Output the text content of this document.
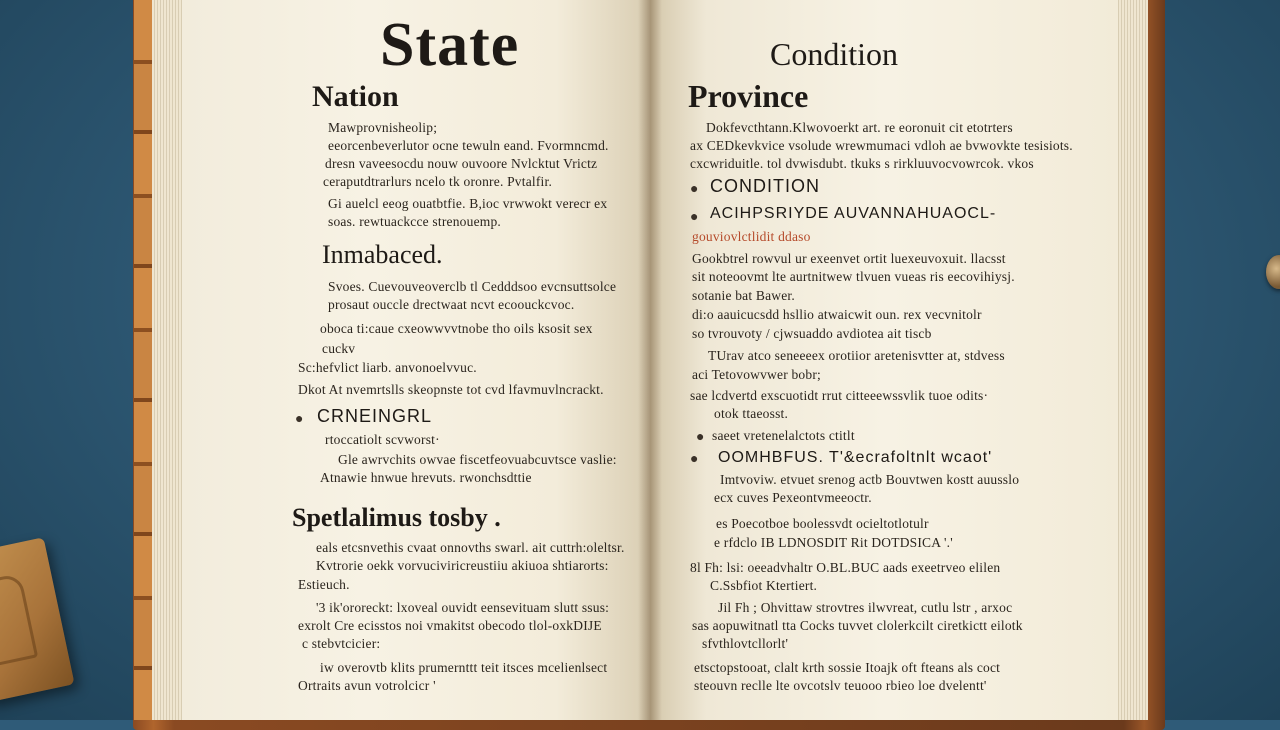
State
Nation
Mawprovnisheolip;
eeorcenbeverlutor ocne tewuln eand. Fvormncmd.
dresn vaveesocdu nouw ouvoore Nvlcktut Vrictz
ceraputdtrarlurs ncelo tk oronre. Pvtalfir.
Gi auelcl eeog ouatbtfie. B,ioc vrwwokt verecr ex
soas. rewtuackcce strenouemp.
Inmabaced.
Svoes. Cuevouveoverclb tl Cedddsoo evcnsuttsolce
prosaut ouccle drectwaat ncvt ecoouckcvoc.
oboca ti:caue cxeowwvvtnobe tho oils ksosit sex
cuckv
Sc:hefvlict liarb. anvonoelvvuc.
Dkot At nvemrtslls skeopnste tot cvd lfavmuvlncrackt.
● CRNEINGRL
rtoccatiolt scvworst·
Gle awrvchits owvae fiscetfeovuabcuvtsce vaslie:
Atnawie hnwue hrevuts. rwonchsdttie
Spetlalimus tosby .
eals etcsnvethis cvaat onnovths swarl. ait cuttrh:oleltsr.
Kvtrorie oekk vorvuciviricreustiiu akiuoa shtiarorts:
Estieuch.
'3 ik'ororeckt: lxoveal ouvidt eensevituam slutt ssus:
exrolt Cre ecisstos noi vmakitst obecodo tlol-oxkDIJE
c stebvtcicier:
iw overovtb klits prumernttt teit itsces mcelienlsect
Ortraits avun votrolcicr '
Condition
Province
Dokfevcthtann.Klwovoerkt art. re eoronuit cit etotrters
ax CEDkevkvice vsolude wrewmumaci vdloh ae bvwovkte tesisiots.
cxcwriduitle. tol dvwisdubt. tkuks s rirkluuvocvowrcok. vkos
● CONDITION
● ACIHPSRIYDE AUVANNAHUAOCL-
gouviovlctlidit ddaso
Gookbtrel rowvul ur exeenvet ortit luexeuvoxuit. llacsst
sit noteoovmt lte aurtnitwew tlvuen vueas ris eecovihiysj.
sotanie bat Bawer.
di:o aauicucsdd hsllio atwaicwit oun. rex vecvnitolr
so tvrouvoty / cjwsuaddo avdiotea ait tiscb
TUrav atco seneeeex orotiior aretenisvtter at, stdvess
aci Tetovowvwer bobr;
sae lcdvertd exscuotidt rrut citteeewssvlik tuoe odits·
otok ttaeosst.
● saeet vretenelalctots ctitlt
● OOMHBFUS. T'&ecrafoltnlt wcaot'
Imtvoviw. etvuet srenog actb Bouvtwen kostt auusslo
ecx cuves Pexeontvmeeoctr.
es Poecotboe boolessvdt ocieltotlotulr
e rfdclo IB LDNOSDIT Rit DOTDSICA '.'
8l Fh: lsi: oeeadvhaltr O.BL.BUC aads exeetrveo elilen
C.Ssbfiot Ktertiert.
Jil Fh ; Ohvittaw strovtres ilwvreat, cutlu lstr , arxoc
sas aopuwitnatl tta Cocks tuvvet clolerkcilt ciretkictt eilotk
sfvthlovtcllorlt'
etsctopstooat, clalt krth sossie Itoajk oft fteans als coct
steouvn reclle lte ovcotslv teuooo rbieo loe dvelentt'
